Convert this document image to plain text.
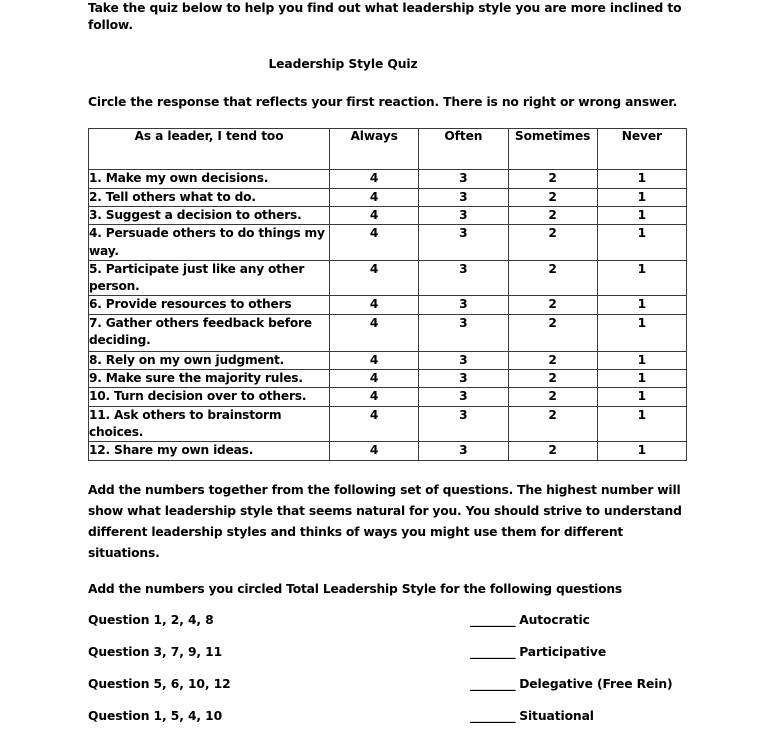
Take the quiz below to help you find out what leadership style you are more inclined to follow.

Leadership Style Quiz

Circle the response that reflects your first reaction. There is no right or wrong answer.

As a leader, I tend too	Always	Often	Sometimes	Never
1. Make my own decisions.	4	3	2	1
2. Tell others what to do.	4	3	2	1
3. Suggest a decision to others.	4	3	2	1
4. Persuade others to do things my way.	4	3	2	1
5. Participate just like any other person.	4	3	2	1
6. Provide resources to others	4	3	2	1
7. Gather others feedback before deciding.	4	3	2	1
8. Rely on my own judgment.	4	3	2	1
9. Make sure the majority rules.	4	3	2	1
10. Turn decision over to others.	4	3	2	1
11. Ask others to brainstorm choices.	4	3	2	1
12. Share my own ideas.	4	3	2	1

Add the numbers together from the following set of questions. The highest number will show what leadership style that seems natural for you. You should strive to understand different leadership styles and thinks of ways you might use them for different situations.

Add the numbers you circled Total Leadership Style for the following questions

Question 1, 2, 4, 8	________ Autocratic
Question 3, 7, 9, 11	________ Participative
Question 5, 6, 10, 12	________ Delegative (Free Rein)
Question 1, 5, 4, 10	________ Situational
